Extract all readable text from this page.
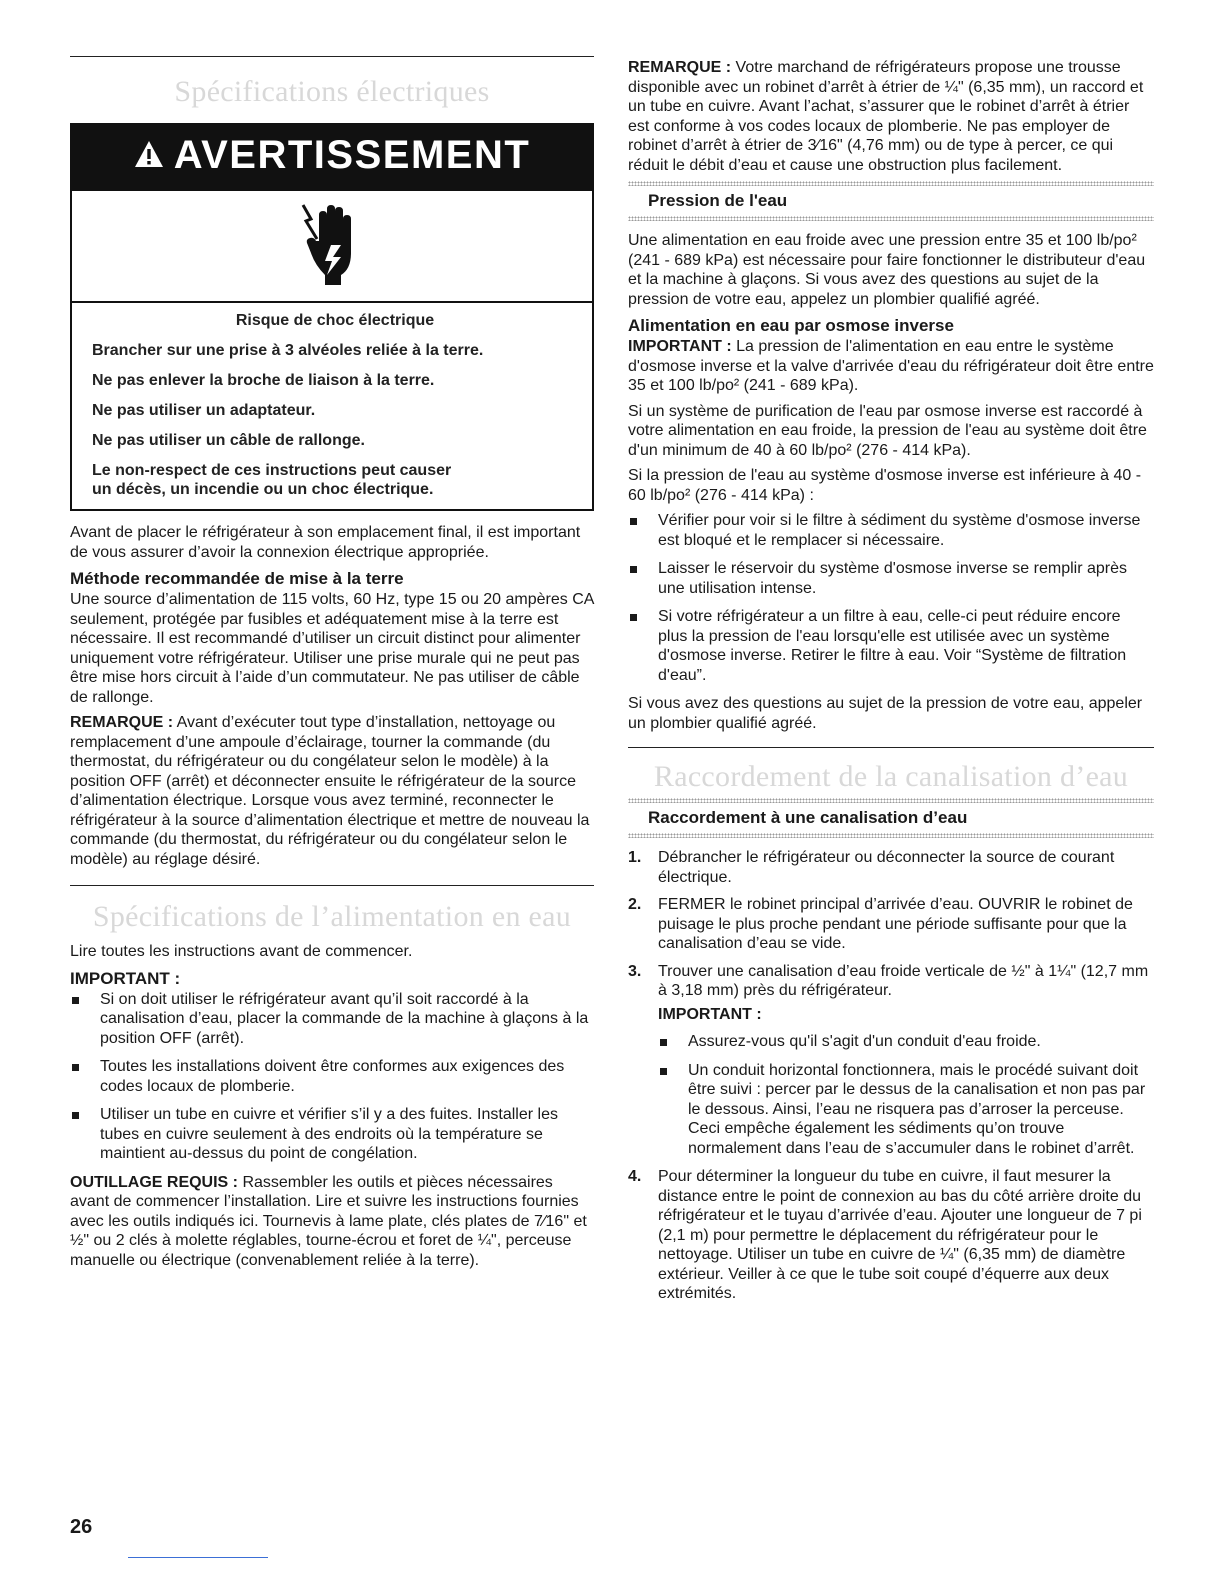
Spécifications électriques
AVERTISSEMENT
Risque de choc électrique
Brancher sur une prise à 3 alvéoles reliée à la terre.
Ne pas enlever la broche de liaison à la terre.
Ne pas utiliser un adaptateur.
Ne pas utiliser un câble de rallonge.
Le non-respect de ces instructions peut causer
un décès, un incendie ou un choc électrique.

Avant de placer le réfrigérateur à son emplacement final, il est important de vous assurer d’avoir la connexion électrique appropriée.

Méthode recommandée de mise à la terre

Une source d’alimentation de 115 volts, 60 Hz, type 15 ou 20 ampères CA seulement, protégée par fusibles et adéquatement mise à la terre est nécessaire. Il est recommandé d’utiliser un circuit distinct pour alimenter uniquement votre réfrigérateur. Utiliser une prise murale qui ne peut pas être mise hors circuit à l’aide d’un commutateur. Ne pas utiliser de câble de rallonge.

REMARQUE : Avant d’exécuter tout type d’installation, nettoyage ou remplacement d’une ampoule d’éclairage, tourner la commande (du thermostat, du réfrigérateur ou du congélateur selon le modèle) à la position OFF (arrêt) et déconnecter ensuite le réfrigérateur de la source d’alimentation électrique. Lorsque vous avez terminé, reconnecter le réfrigérateur à la source d’alimentation électrique et mettre de nouveau la commande (du thermostat, du réfrigérateur ou du congélateur selon le modèle) au réglage désiré.

Spécifications de l’alimentation en eau

Lire toutes les instructions avant de commencer.

IMPORTANT :
Si on doit utiliser le réfrigérateur avant qu’il soit raccordé à la canalisation d’eau, placer la commande de la machine à glaçons à la position OFF (arrêt).
Toutes les installations doivent être conformes aux exigences des codes locaux de plomberie.
Utiliser un tube en cuivre et vérifier s’il y a des fuites. Installer les tubes en cuivre seulement à des endroits où la température se maintient au-dessus du point de congélation.

OUTILLAGE REQUIS : Rassembler les outils et pièces nécessaires avant de commencer l’installation. Lire et suivre les instructions fournies avec les outils indiqués ici. Tournevis à lame plate, clés plates de 7⁄16" et ½" ou 2 clés à molette réglables, tourne-écrou et foret de ¼", perceuse manuelle ou électrique (convenablement reliée à la terre).

REMARQUE : Votre marchand de réfrigérateurs propose une trousse disponible avec un robinet d’arrêt à étrier de ¼" (6,35 mm), un raccord et un tube en cuivre. Avant l’achat, s’assurer que le robinet d’arrêt à étrier est conforme à vos codes locaux de plomberie. Ne pas employer de robinet d’arrêt à étrier de 3⁄16" (4,76 mm) ou de type à percer, ce qui réduit le débit d’eau et cause une obstruction plus facilement.

Pression de l'eau

Une alimentation en eau froide avec une pression entre 35 et 100 lb/po² (241 - 689 kPa) est nécessaire pour faire fonctionner le distributeur d'eau et la machine à glaçons. Si vous avez des questions au sujet de la pression de votre eau, appelez un plombier qualifié agréé.

Alimentation en eau par osmose inverse

IMPORTANT : La pression de l'alimentation en eau entre le système d'osmose inverse et la valve d'arrivée d'eau du réfrigérateur doit être entre 35 et 100 lb/po² (241 - 689 kPa).

Si un système de purification de l'eau par osmose inverse est raccordé à votre alimentation en eau froide, la pression de l'eau au système doit être d'un minimum de 40 à 60 lb/po² (276 - 414 kPa).

Si la pression de l'eau au système d'osmose inverse est inférieure à 40 - 60 lb/po² (276 - 414 kPa) :

Vérifier pour voir si le filtre à sédiment du système d'osmose inverse est bloqué et le remplacer si nécessaire.
Laisser le réservoir du système d'osmose inverse se remplir après une utilisation intense.
Si votre réfrigérateur a un filtre à eau, celle-ci peut réduire encore plus la pression de l'eau lorsqu'elle est utilisée avec un système d'osmose inverse. Retirer le filtre à eau. Voir “Système de filtration d'eau”.

Si vous avez des questions au sujet de la pression de votre eau, appeler un plombier qualifié agréé.

Raccordement de la canalisation d’eau
Raccordement à une canalisation d’eau
1. Débrancher le réfrigérateur ou déconnecter la source de courant électrique.
2. FERMER le robinet principal d’arrivée d’eau. OUVRIR le robinet de puisage le plus proche pendant une période suffisante pour que la canalisation d’eau se vide.
3. Trouver une canalisation d’eau froide verticale de ½" à 1¼" (12,7 mm à 3,18 mm) près du réfrigérateur.
IMPORTANT :
Assurez-vous qu'il s'agit d'un conduit d'eau froide.
Un conduit horizontal fonctionnera, mais le procédé suivant doit être suivi : percer par le dessus de la canalisation et non pas par le dessous. Ainsi, l’eau ne risquera pas d’arroser la perceuse. Ceci empêche également les sédiments qu’on trouve normalement dans l’eau de s’accumuler dans le robinet d’arrêt.
4. Pour déterminer la longueur du tube en cuivre, il faut mesurer la distance entre le point de connexion au bas du côté arrière droite du réfrigérateur et le tuyau d’arrivée d’eau. Ajouter une longueur de 7 pi (2,1 m) pour permettre le déplacement du réfrigérateur pour le nettoyage. Utiliser un tube en cuivre de ¼" (6,35 mm) de diamètre extérieur. Veiller à ce que le tube soit coupé d’équerre aux deux extrémités.
26
